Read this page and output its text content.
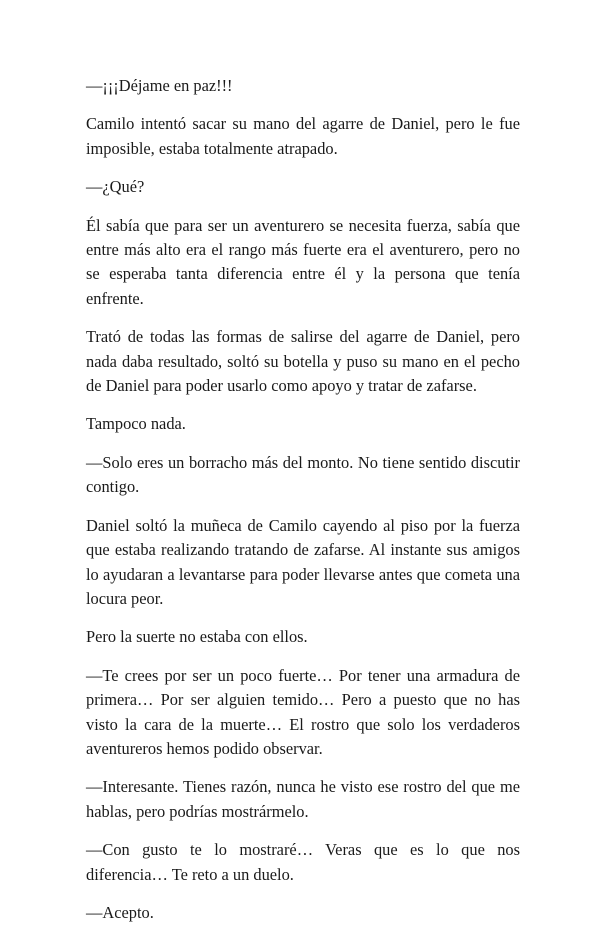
—¡¡¡Déjame en paz!!!

Camilo intentó sacar su mano del agarre de Daniel, pero le fue imposible, estaba totalmente atrapado.

—¿Qué?

Él sabía que para ser un aventurero se necesita fuerza, sabía que entre más alto era el rango más fuerte era el aventurero, pero no se esperaba tanta diferencia entre él y la persona que tenía enfrente.

Trató de todas las formas de salirse del agarre de Daniel, pero nada daba resultado, soltó su botella y puso su mano en el pecho de Daniel para poder usarlo como apoyo y tratar de zafarse.

Tampoco nada.

—Solo eres un borracho más del monto. No tiene sentido discutir contigo.

Daniel soltó la muñeca de Camilo cayendo al piso por la fuerza que estaba realizando tratando de zafarse. Al instante sus amigos lo ayudaran a levantarse para poder llevarse antes que cometa una locura peor.

Pero la suerte no estaba con ellos.

—Te crees por ser un poco fuerte… Por tener una armadura de primera… Por ser alguien temido… Pero a puesto que no has visto la cara de la muerte… El rostro que solo los verdaderos aventureros hemos podido observar.

—Interesante. Tienes razón, nunca he visto ese rostro del que me hablas, pero podrías mostrármelo.

—Con gusto te lo mostraré… Veras que es lo que nos diferencia… Te reto a un duelo.

—Acepto.
